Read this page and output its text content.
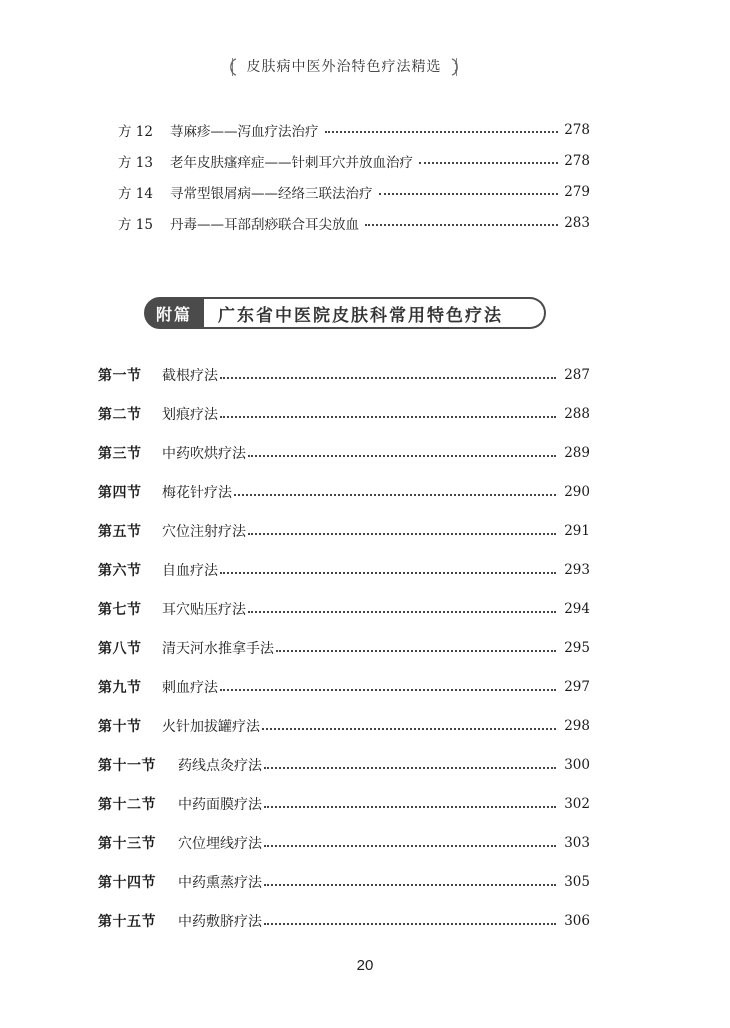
皮肤病中医外治特色疗法精选
方 12	荨麻疹——泻血疗法治疗	278
方 13	老年皮肤瘙痒症——针刺耳穴并放血治疗	278
方 14	寻常型银屑病——经络三联法治疗	279
方 15	丹毒——耳部刮痧联合耳尖放血	283
附篇	广东省中医院皮肤科常用特色疗法
第一节	截根疗法	287
第二节	划痕疗法	288
第三节	中药吹烘疗法	289
第四节	梅花针疗法	290
第五节	穴位注射疗法	291
第六节	自血疗法	293
第七节	耳穴贴压疗法	294
第八节	清天河水推拿手法	295
第九节	刺血疗法	297
第十节	火针加拔罐疗法	298
第十一节	药线点灸疗法	300
第十二节	中药面膜疗法	302
第十三节	穴位埋线疗法	303
第十四节	中药熏蒸疗法	305
第十五节	中药敷脐疗法	306
20
